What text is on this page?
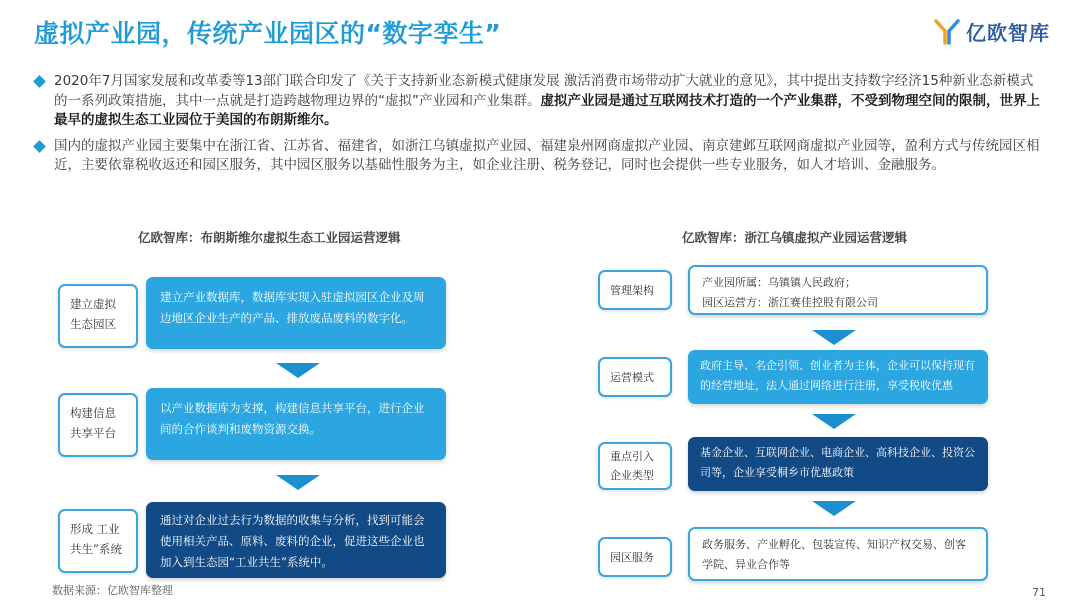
虚拟产业园，传统产业园区的“数字孪生”	亿欧智库
2020年7月国家发展和改革委等13部门联合印发了《关于支持新业态新模式健康发展 激活消费市场带动扩大就业的意见》，其中提出支持数字经济15种新业态新模式的一系列政策措施，其中一点就是打造跨越物理边界的“虚拟”产业园和产业集群。虚拟产业园是通过互联网技术打造的一个产业集群，不受到物理空间的限制，世界上最早的虚拟生态工业园位于美国的布朗斯维尔。
国内的虚拟产业园主要集中在浙江省、江苏省、福建省，如浙江乌镇虚拟产业园、福建泉州网商虚拟产业园、南京建邺互联网商虚拟产业园等，盈利方式与传统园区相近，主要依靠税收返还和园区服务，其中园区服务以基础性服务为主，如企业注册、税务登记，同时也会提供一些专业服务，如人才培训、金融服务。
亿欧智库：布朗斯维尔虚拟生态工业园运营逻辑
建立虚拟生态园区
建立产业数据库，数据库实现入驻虚拟园区企业及周边地区企业生产的产品、排放废品废料的数字化。
构建信息共享平台
以产业数据库为支撑，构建信息共享平台，进行企业间的合作谈判和废物资源交换。
形成 工业共生”系统
通过对企业过去行为数据的收集与分析，找到可能会使用相关产品、原料、废料的企业，促进这些企业也加入到生态园“工业共生”系统中。
亿欧智库：浙江乌镇虚拟产业园运营逻辑
管理架构
产业园所属：乌镇镇人民政府；
园区运营方：浙江赛佳控股有限公司
运营模式
政府主导、名企引领、创业者为主体，企业可以保持现有的经营地址，法人通过网络进行注册，享受税收优惠
重点引入企业类型
基金企业、互联网企业、电商企业、高科技企业、投资公司等，企业享受桐乡市优惠政策
园区服务
政务服务、产业孵化、包装宣传、知识产权交易、创客学院、异业合作等
数据来源：亿欧智库整理	71
